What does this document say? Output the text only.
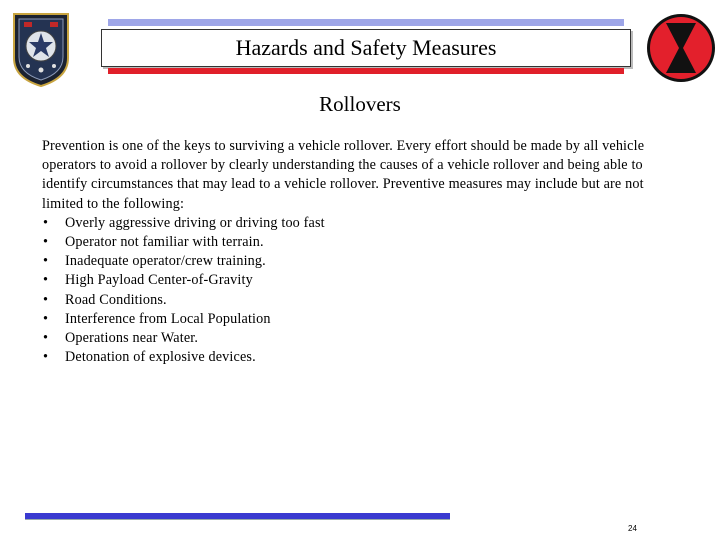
Hazards and Safety Measures
Rollovers

Prevention is one of the keys to surviving a vehicle rollover. Every effort should be made by all vehicle operators to avoid a rollover by clearly understanding the causes of a vehicle rollover and being able to identify circumstances that may lead to a vehicle rollover. Preventive measures may include but are not limited to the following:

• Overly aggressive driving or driving too fast
• Operator not familiar with terrain.
• Inadequate operator/crew training.
• High Payload Center-of-Gravity
• Road Conditions.
• Interference from Local Population
• Operations near Water.
• Detonation of explosive devices.
24
